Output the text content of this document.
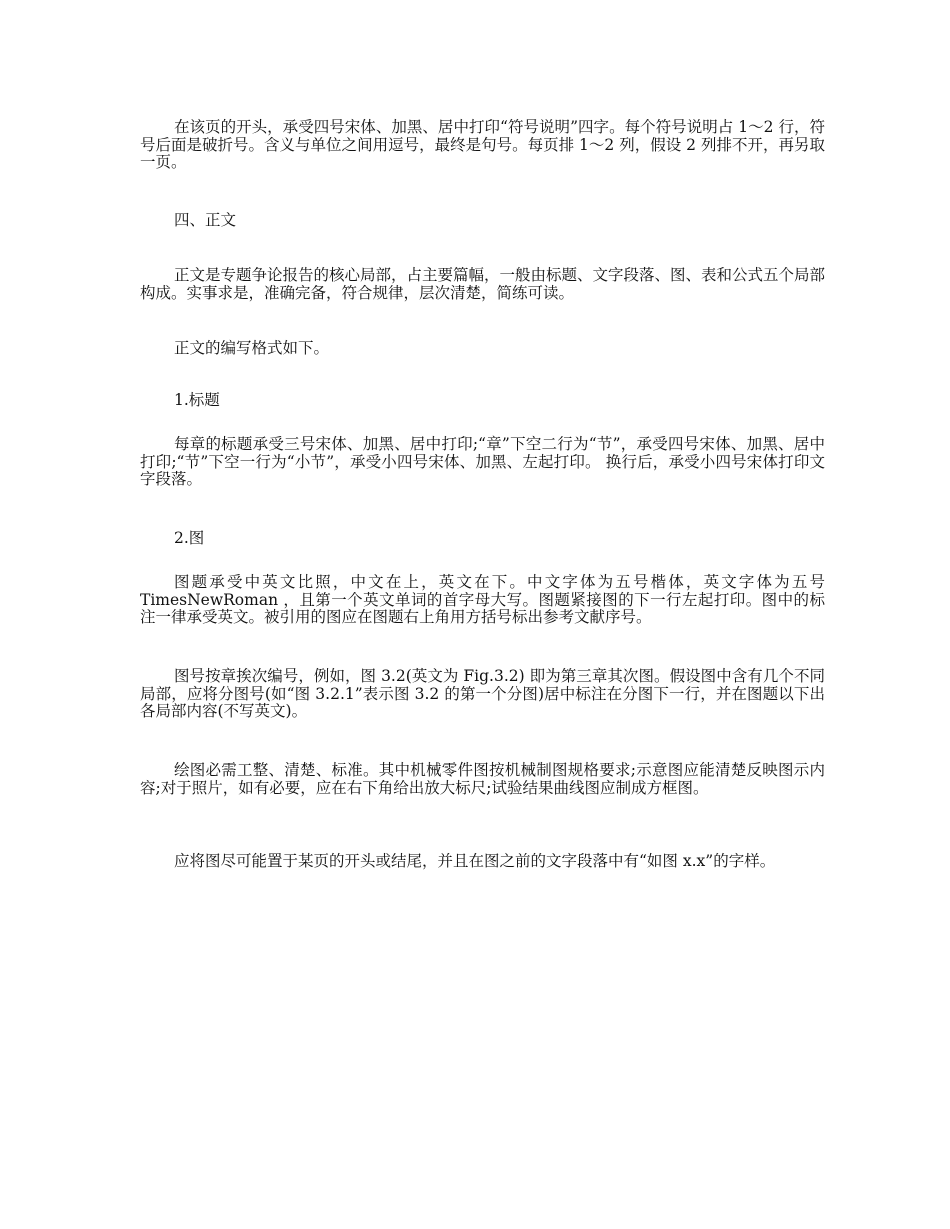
在该页的开头，承受四号宋体、加黑、居中打印“符号说明”四字。每个符号说明占 1～2 行，符号后面是破折号。含义与单位之间用逗号，最终是句号。每页排 1～2 列，假设 2 列排不开，再另取一页。

四、正文

正文是专题争论报告的核心局部，占主要篇幅，一般由标题、文字段落、图、表和公式五个局部构成。实事求是，准确完备，符合规律，层次清楚，简练可读。

正文的编写格式如下。

1.标题

每章的标题承受三号宋体、加黑、居中打印;“章”下空二行为“节”，承受四号宋体、加黑、居中打印;“节”下空一行为“小节”，承受小四号宋体、加黑、左起打印。 换行后，承受小四号宋体打印文字段落。

2.图

图题承受中英文比照，中文在上，英文在下。中文字体为五号楷体，英文字体为五号 TimesNewRoman ，且第一个英文单词的首字母大写。图题紧接图的下一行左起打印。图中的标注一律承受英文。被引用的图应在图题右上角用方括号标出参考文献序号。

图号按章挨次编号，例如，图 3.2(英文为 Fig.3.2) 即为第三章其次图。假设图中含有几个不同局部，应将分图号(如“图 3.2.1”表示图 3.2 的第一个分图)居中标注在分图下一行，并在图题以下出各局部内容(不写英文)。

绘图必需工整、清楚、标准。其中机械零件图按机械制图规格要求;示意图应能清楚反映图示内容;对于照片，如有必要，应在右下角给出放大标尺;试验结果曲线图应制成方框图。

应将图尽可能置于某页的开头或结尾，并且在图之前的文字段落中有“如图 x.x”的字样。
